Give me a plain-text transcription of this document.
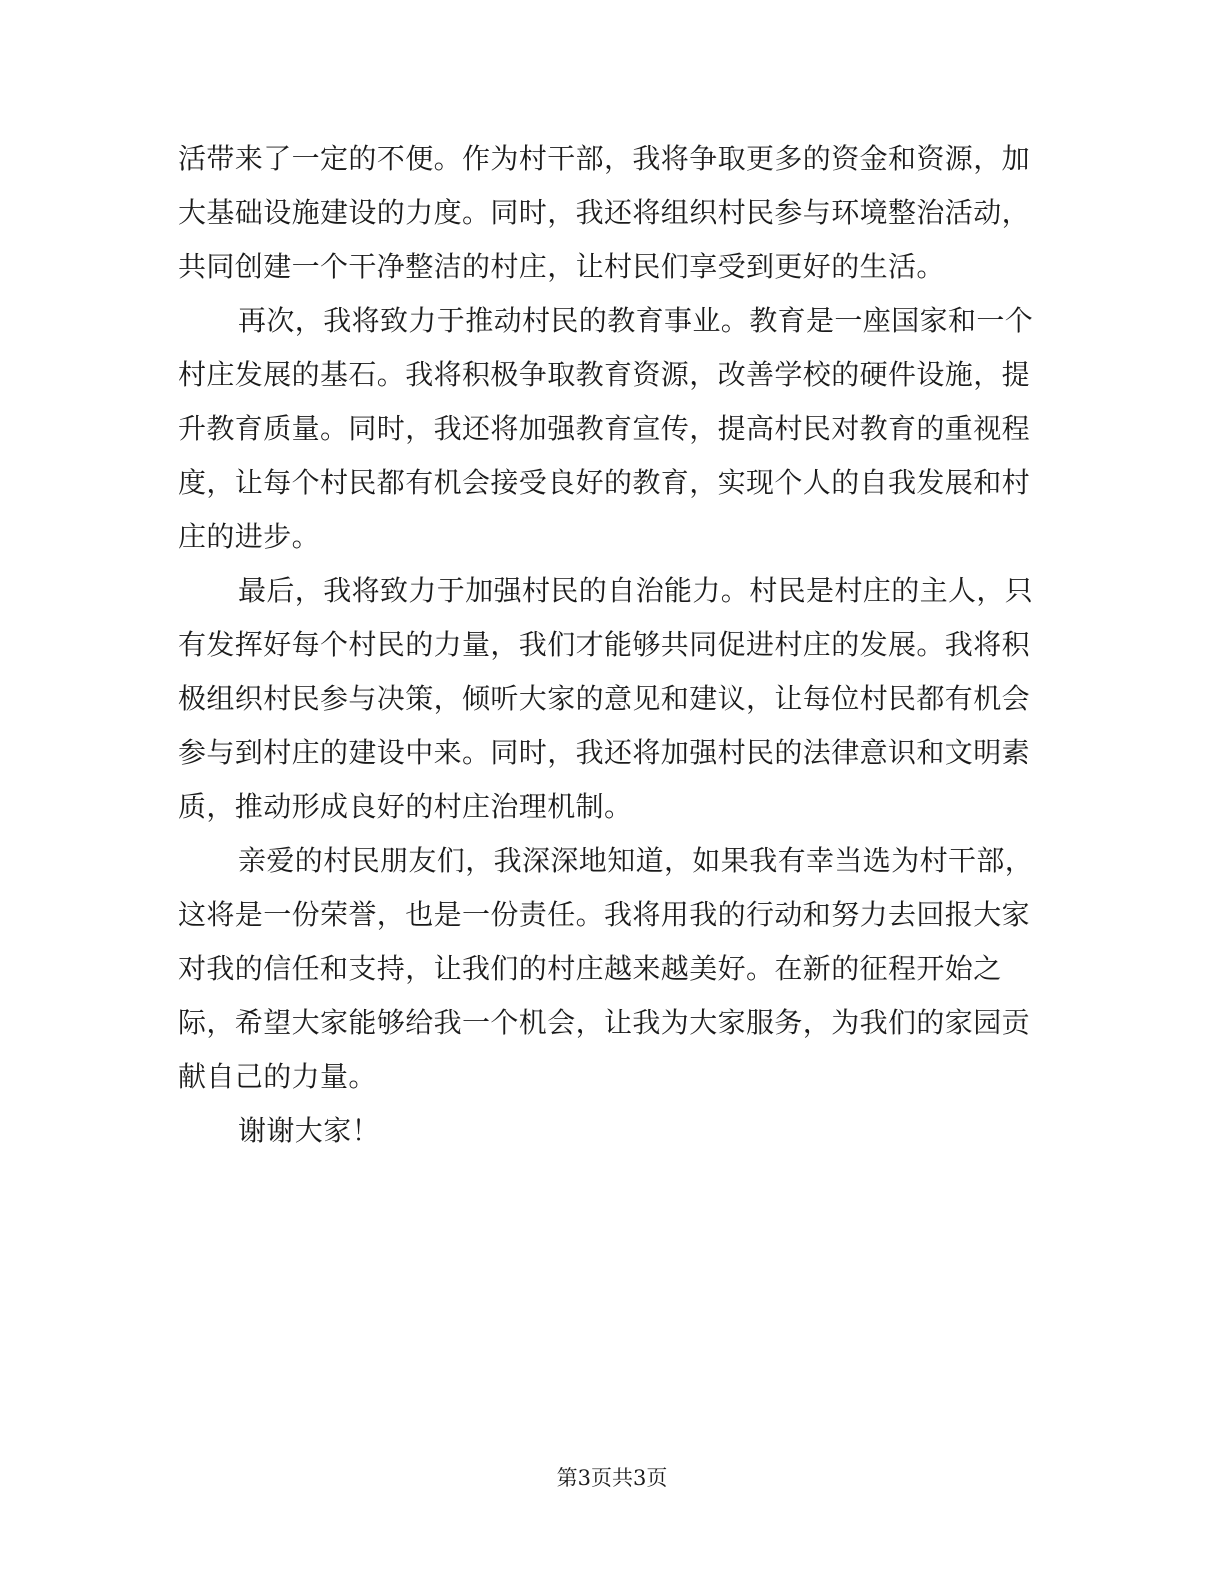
活带来了一定的不便。作为村干部，我将争取更多的资金和资源，加
大基础设施建设的力度。同时，我还将组织村民参与环境整治活动，
共同创建一个干净整洁的村庄，让村民们享受到更好的生活。
再次，我将致力于推动村民的教育事业。教育是一座国家和一个
村庄发展的基石。我将积极争取教育资源，改善学校的硬件设施，提
升教育质量。同时，我还将加强教育宣传，提高村民对教育的重视程
度，让每个村民都有机会接受良好的教育，实现个人的自我发展和村
庄的进步。
最后，我将致力于加强村民的自治能力。村民是村庄的主人，只
有发挥好每个村民的力量，我们才能够共同促进村庄的发展。我将积
极组织村民参与决策，倾听大家的意见和建议，让每位村民都有机会
参与到村庄的建设中来。同时，我还将加强村民的法律意识和文明素
质，推动形成良好的村庄治理机制。
亲爱的村民朋友们，我深深地知道，如果我有幸当选为村干部，
这将是一份荣誉，也是一份责任。我将用我的行动和努力去回报大家
对我的信任和支持，让我们的村庄越来越美好。在新的征程开始之
际，希望大家能够给我一个机会，让我为大家服务，为我们的家园贡
献自己的力量。
谢谢大家！
第3页共3页
